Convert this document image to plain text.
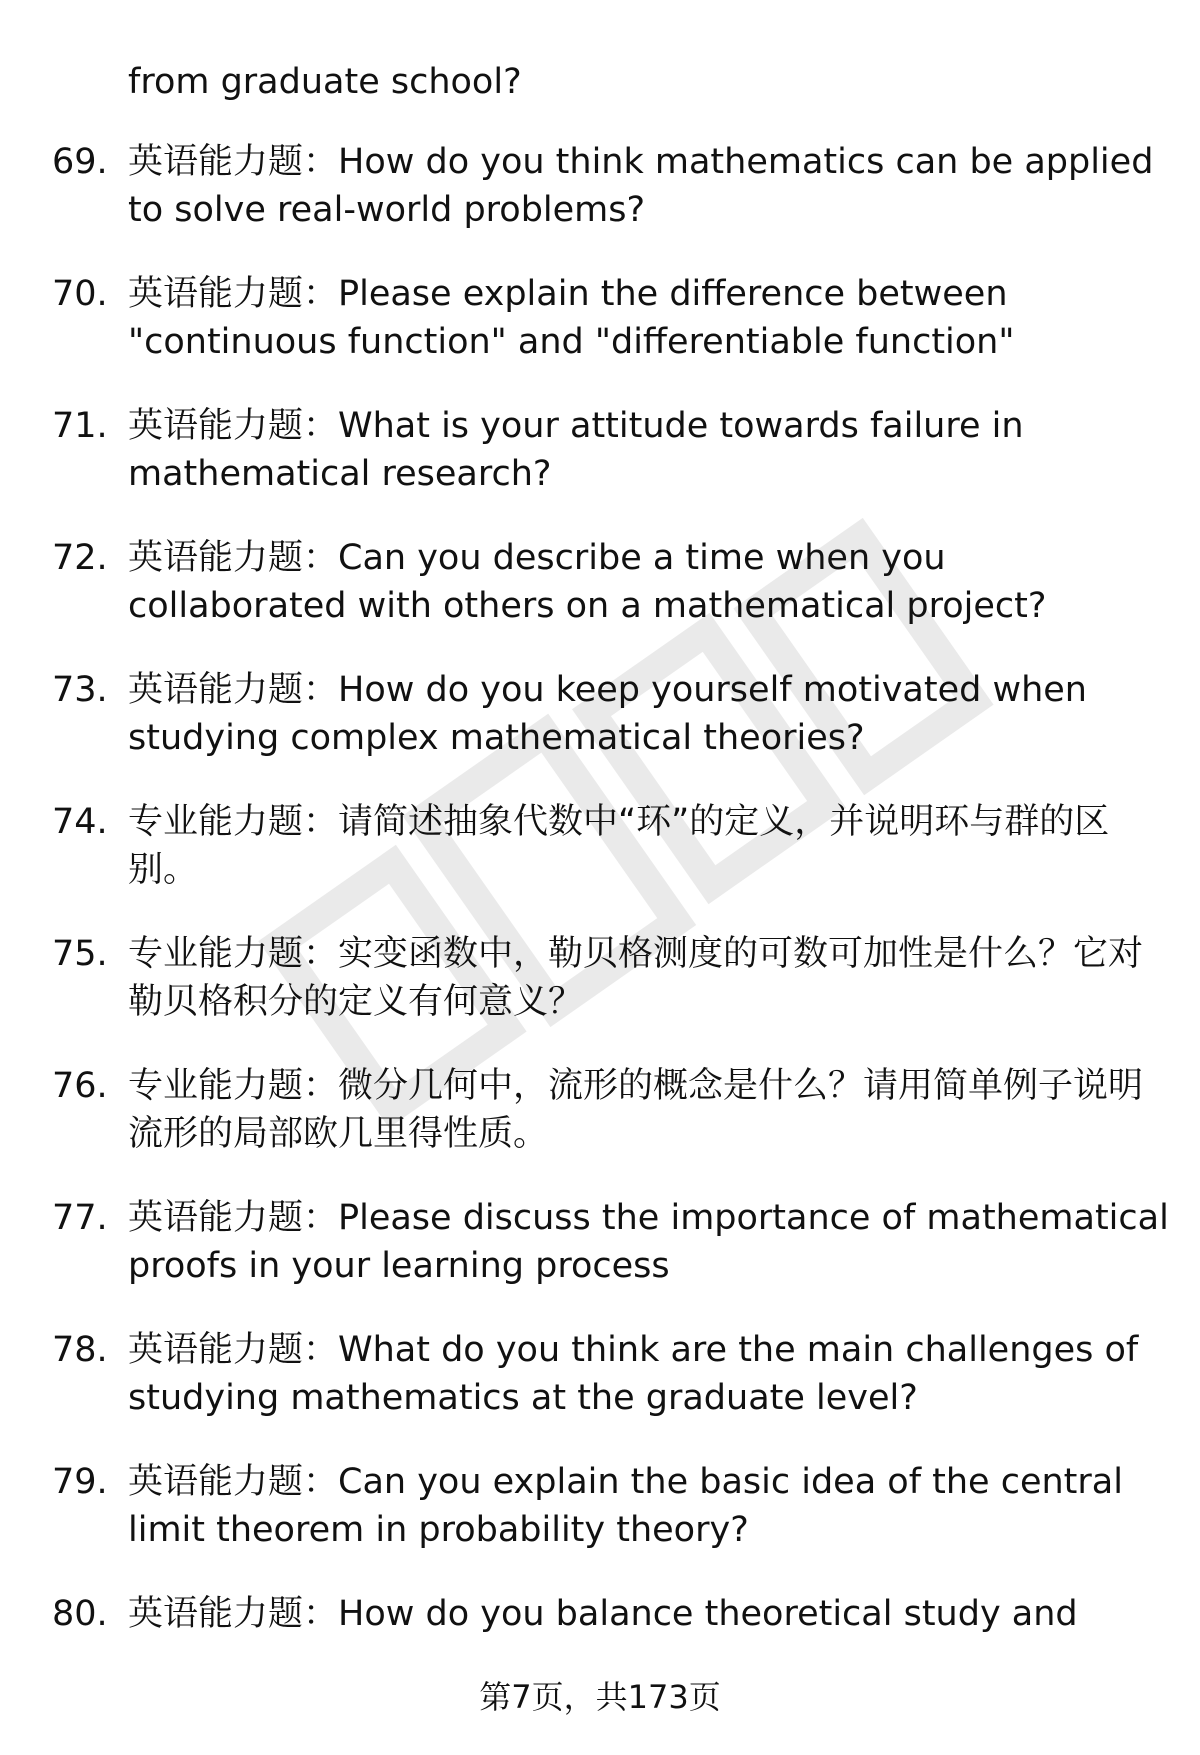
from graduate school?
69. 英语能力题：How do you think mathematics can be applied to solve real-world problems?
70. 英语能力题：Please explain the difference between "continuous function" and "differentiable function"
71. 英语能力题：What is your attitude towards failure in mathematical research?
72. 英语能力题：Can you describe a time when you collaborated with others on a mathematical project?
73. 英语能力题：How do you keep yourself motivated when studying complex mathematical theories?
74. 专业能力题：请简述抽象代数中“环”的定义，并说明环与群的区别。
75. 专业能力题：实变函数中，勒贝格测度的可数可加性是什么？它对勒贝格积分的定义有何意义？
76. 专业能力题：微分几何中，流形的概念是什么？请用简单例子说明流形的局部欧几里得性质。
77. 英语能力题：Please discuss the importance of mathematical proofs in your learning process
78. 英语能力题：What do you think are the main challenges of studying mathematics at the graduate level?
79. 英语能力题：Can you explain the basic idea of the central limit theorem in probability theory?
80. 英语能力题：How do you balance theoretical study and
第7页，共173页
